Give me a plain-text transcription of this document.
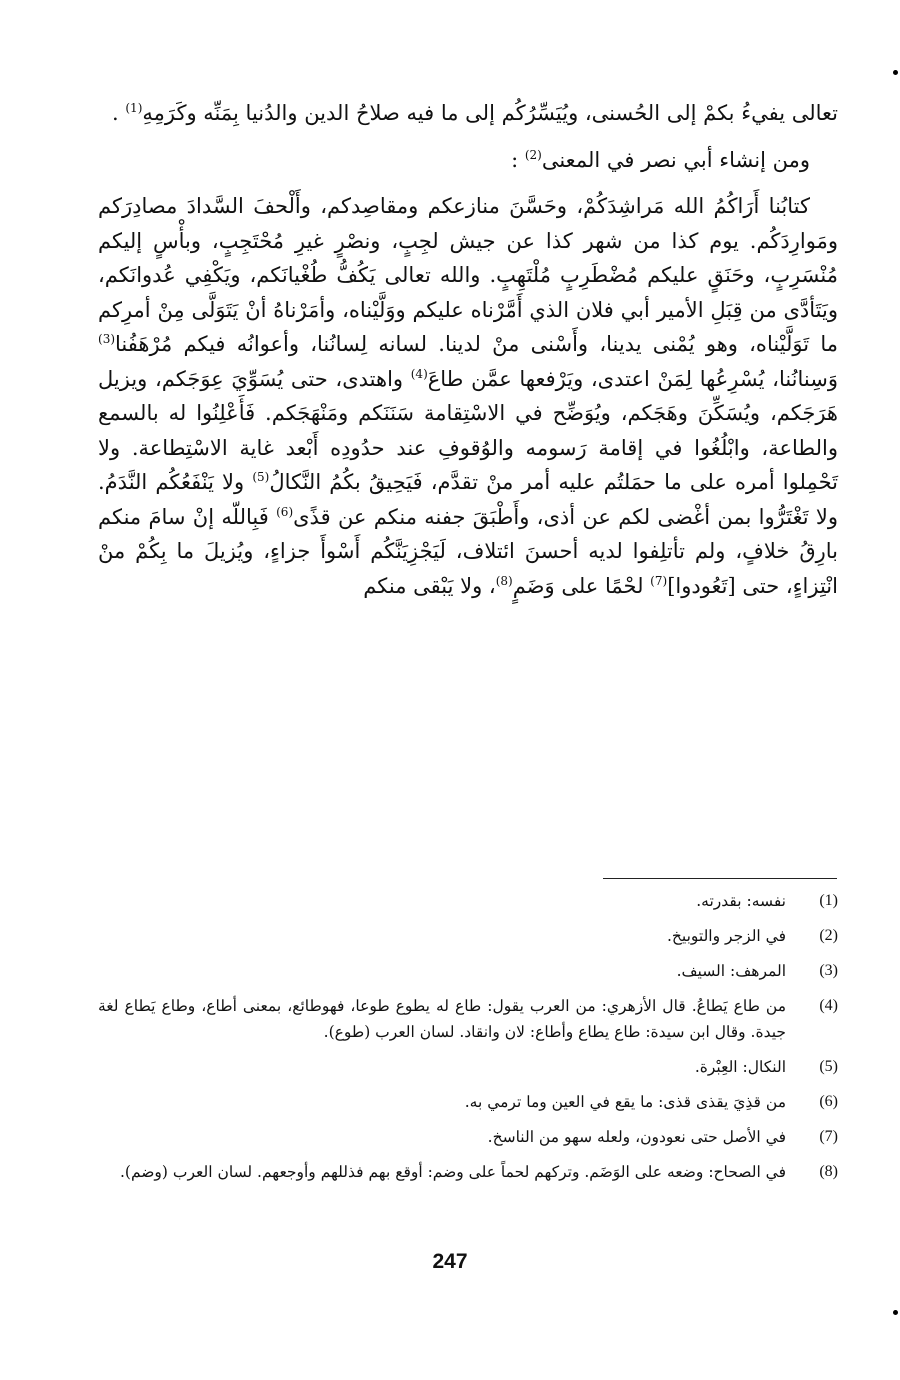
تعالى يفيءُ بكمْ إلى الحُسنى، ويُيَسِّرُكُم إلى ما فيه صلاحُ الدين والدُنيا بِمَنِّه وكَرَمِهِ$^{(1)}$ .

ومن إنشاء أبي نصر في المعنى$^{(2)}$ :

كتابُنا أَرَاكُمُ الله مَراشِدَكُمْ، وحَسَّنَ منازعكم ومقاصِدكم، وأَلْحفَ السَّدادَ مصادِرَكم ومَوارِدَكُم. يوم كذا من شهر كذا عن جيش لجِبٍ، ونصْرٍ غيرِ مُحْتَجِبٍ، وبأْسٍ إليكم مُنْسَرِبٍ، وحَنَقٍ عليكم مُضْطَرِبٍ مُلْتَهِبٍ. والله تعالى يَكُفُّ طُغْيانَكم، ويَكْفِي عُدوانَكم، ويَتَأدَّى من قِبَلِ الأمير أبي فلان الذي أَمَّرْناه عليكم ووَلَّيْناه، وأمَرْناهُ أنْ يَتَوَلَّى مِنْ أمرِكم ما تَوَلَّيْناه، وهو يُمْنى يدينا، وأَسْنى منْ لدينا. لسانه لِسانُنا، وأعوانُه فيكم مُرْهَفُنا$^{(3)}$ وَسِنانُنا، يُسْرِعُها لِمَنْ اعتدى، ويَرْفعها عمَّن طاعَ$^{(4)}$ واهتدى، حتى يُسَوِّيَ عِوَجَكم، ويزيل هَرَجَكم، ويُسَكِّنَ وهَجَكم، ويُوَضِّح في الاسْتِقامة سَنَنَكم ومَنْهَجَكم. فَأَعْلِنُوا له بالسمع والطاعة، وابْلُغُوا في إقامة رَسومه والوُقوفِ عند حدُودِه أَبْعد غاية الاسْتِطاعة. ولا تَحْمِلوا أمره على ما حمَلتُم عليه أمر منْ تقدَّم، فَيَحِيقُ بكُمُ النَّكالُ$^{(5)}$ ولا يَنْفَعُكُم النَّدَمُ. ولا تَغْتَرُّوا بمن أغْضى لكم عن أذى، وأَطْبَقَ جفنه منكم عن قذًى$^{(6)}$ فَبِاللّه إنْ سامَ منكم بارِقُ خلافٍ، ولم تأتلِفوا لديه أحسنَ ائتلاف، لَيَجْزِيَنَّكُم أَسْوأَ جزاءٍ، ويُزيلَ ما بِكُمْ منْ انْتِزاءٍ، حتى [تَعُودوا]$^{(7)}$ لحْمًا على وَضَمٍ$^{(8)}$، ولا يَبْقى منكم

(1)
نفسه: بقدرته.
(2)
في الزجر والتوبيخ.
(3)
المرهف: السيف.
(4)
من طاع يَطاعُ. قال الأزهري: من العرب يقول: طاع له يطوع طوعا، فهوطائع، بمعنى أطاع، وطاع يَطاع لغة جيدة. وقال ابن سيدة: طاع يطاع وأطاع: لان وانقاد. لسان العرب (طوع).
(5)
النكال: العِبْرة.
(6)
من قذِيَ يقذى قذى: ما يقع في العين وما ترمي به.
(7)
في الأصل حتى نعودون، ولعله سهو من الناسخ.
(8)
في الصحاح: وضعه على الوَضَم. وتركهم لحماً على وضم: أوقع بهم فذللهم وأوجعهم. لسان العرب (وضم).
247
